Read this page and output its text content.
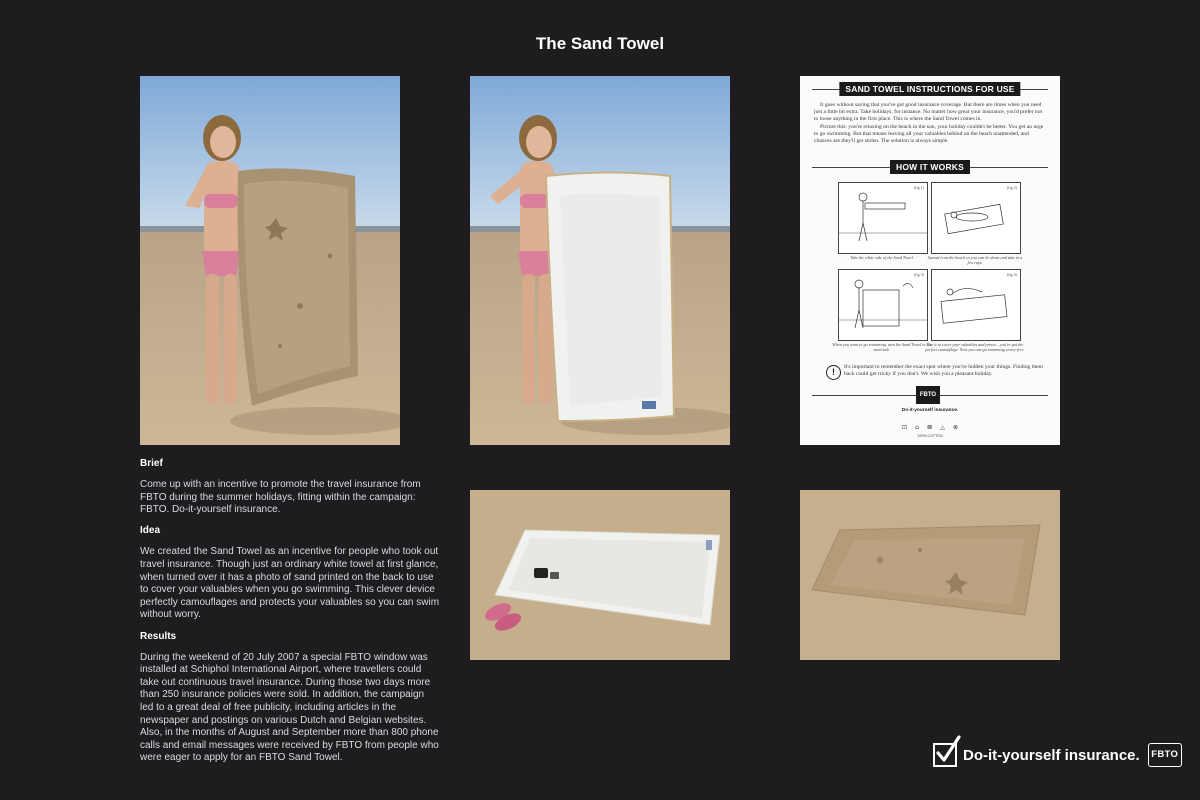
The Sand Towel
SAND TOWEL INSTRUCTIONS FOR USE

It goes without saying that you've got good insurance coverage. But there are times when you need just a little bit extra. Take holidays, for instance. No matter how great your insurance, you'd prefer not to loose anything in the first place. This is where the Sand Towel comes in.

Picture this: you're relaxing on the beach in the sun, your holiday couldn't be better. You get an urge to go swimming. But that means leaving all your valuables behind on the beach unattended, and chances are they'll get stolen. The solution is always simple.

HOW IT WORKS
(fig 1)
Take the white side of the Sand Towel.
(fig 2)
Spread it on the beach so you can lie down and take in a few rays.
(fig 3)
When you want to go swimming, turn the Sand Towel to the sand side.
(fig 4)
Use it to cover your valuables and presto – you've got the perfect camouflage. Now you can go swimming worry-free.
!	It's important to remember the exact spot where you've hidden your things. Finding them back could get tricky if you don't. We wish you a pleasant holiday.
FBTO
Do-it-yourself insurance.
⊡ ⌂ ⊠ △ ⊗
100% COTTON
Brief

Come up with an incentive to promote the travel insurance from FBTO during the summer holidays, fitting within the campaign: FBTO. Do-it-yourself insurance.

Idea

We created the Sand Towel as an incentive for people who took out travel insurance. Though just an ordinary white towel at first glance, when turned over it has a photo of sand printed on the back to use to cover your valuables when you go swimming. This clever device perfectly camouflages and protects your valuables so you can swim without worry.

Results

During the weekend of 20 July 2007 a special FBTO window was installed at Schiphol International Airport, where travellers could take out continuous travel insurance. During those two days more than 250 insurance policies were sold. In addition, the campaign led to a great deal of free publicity, including articles in the newspaper and postings on various Dutch and Belgian websites.

Also, in the months of August and September more than 800 phone calls and email messages were received by FBTO from people who were eager to apply for an FBTO Sand Towel.	Do-it-yourself insurance.	FBTO
